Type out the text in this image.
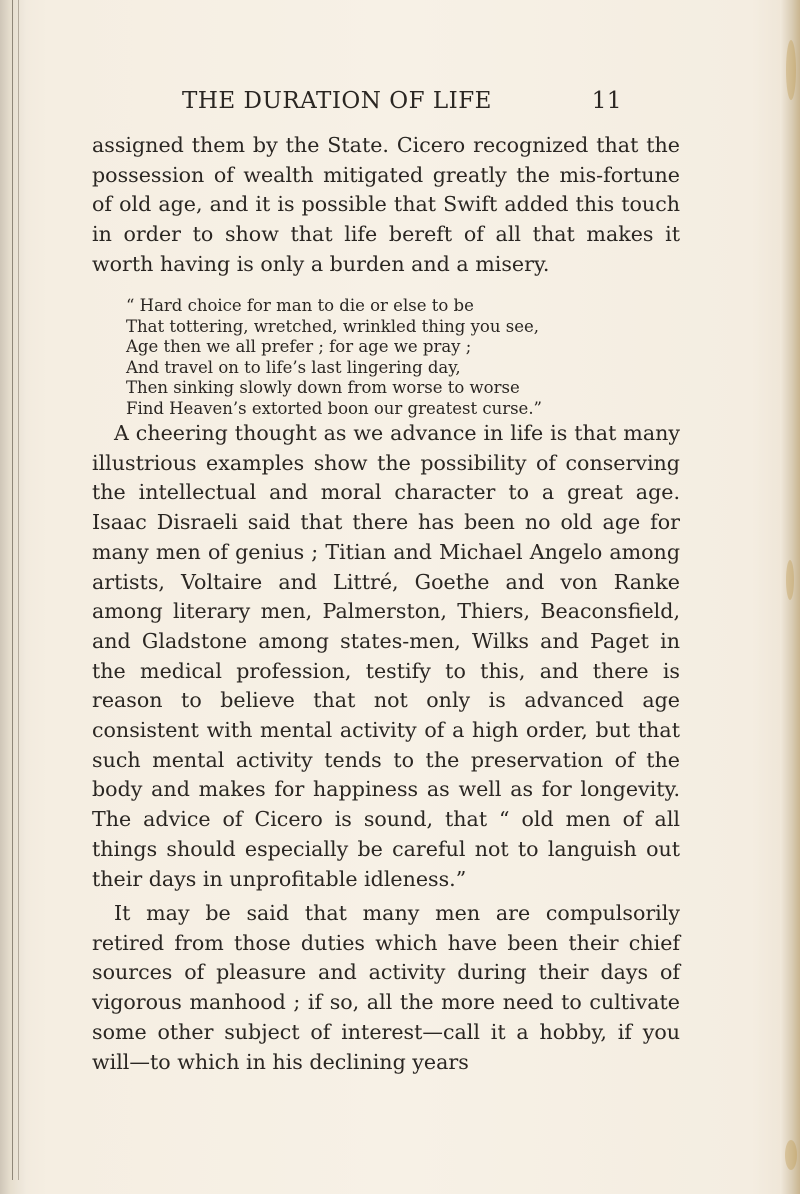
THE DURATION OF LIFE	11

assigned them by the State. Cicero recognized that the possession of wealth mitigated greatly the mis-fortune of old age, and it is possible that Swift added this touch in order to show that life bereft of all that makes it worth having is only a burden and a misery.

“ Hard choice for man to die or else to be
That tottering, wretched, wrinkled thing you see,
Age then we all prefer ; for age we pray ;
And travel on to life’s last lingering day,
Then sinking slowly down from worse to worse
Find Heaven’s extorted boon our greatest curse.”

A cheering thought as we advance in life is that many illustrious examples show the possibility of conserving the intellectual and moral character to a great age. Isaac Disraeli said that there has been no old age for many men of genius ; Titian and Michael Angelo among artists, Voltaire and Littré, Goethe and von Ranke among literary men, Palmerston, Thiers, Beaconsfield, and Gladstone among states-men, Wilks and Paget in the medical profession, testify to this, and there is reason to believe that not only is advanced age consistent with mental activity of a high order, but that such mental activity tends to the preservation of the body and makes for happiness as well as for longevity. The advice of Cicero is sound, that “ old men of all things should especially be careful not to languish out their days in unprofitable idleness.”

It may be said that many men are compulsorily retired from those duties which have been their chief sources of pleasure and activity during their days of vigorous manhood ; if so, all the more need to cultivate some other subject of interest—call it a hobby, if you will—to which in his declining years
